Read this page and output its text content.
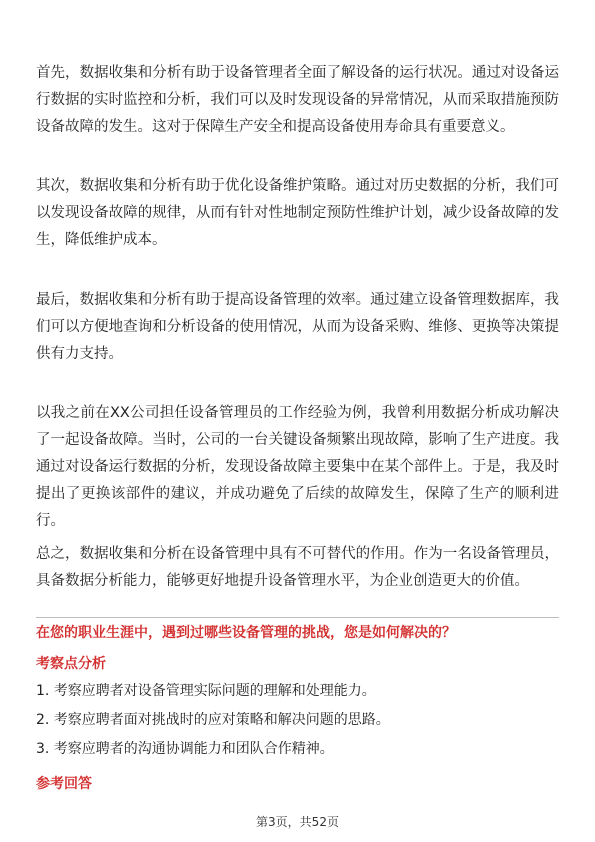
首先，数据收集和分析有助于设备管理者全面了解设备的运行状况。通过对设备运行数据的实时监控和分析，我们可以及时发现设备的异常情况，从而采取措施预防设备故障的发生。这对于保障生产安全和提高设备使用寿命具有重要意义。

其次，数据收集和分析有助于优化设备维护策略。通过对历史数据的分析，我们可以发现设备故障的规律，从而有针对性地制定预防性维护计划，减少设备故障的发生，降低维护成本。

最后，数据收集和分析有助于提高设备管理的效率。通过建立设备管理数据库，我们可以方便地查询和分析设备的使用情况，从而为设备采购、维修、更换等决策提供有力支持。

以我之前在XX公司担任设备管理员的工作经验为例，我曾利用数据分析成功解决了一起设备故障。当时，公司的一台关键设备频繁出现故障，影响了生产进度。我通过对设备运行数据的分析，发现设备故障主要集中在某个部件上。于是，我及时提出了更换该部件的建议，并成功避免了后续的故障发生，保障了生产的顺利进行。

总之，数据收集和分析在设备管理中具有不可替代的作用。作为一名设备管理员，具备数据分析能力，能够更好地提升设备管理水平，为企业创造更大的价值。

在您的职业生涯中，遇到过哪些设备管理的挑战，您是如何解决的？
考察点分析
1. 考察应聘者对设备管理实际问题的理解和处理能力。
2. 考察应聘者面对挑战时的应对策略和解决问题的思路。
3. 考察应聘者的沟通协调能力和团队合作精神。
参考回答
第3页，共52页
